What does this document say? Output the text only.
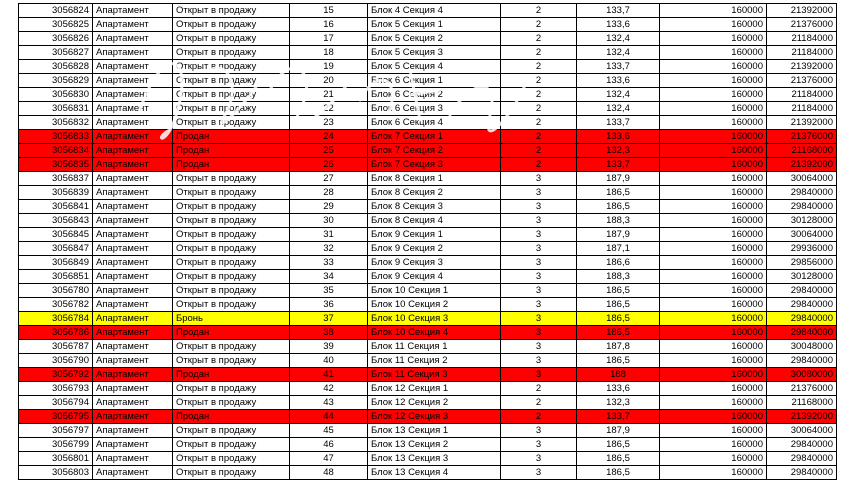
3056824	Апартамент	Открыт в продажу	15	Блок 4 Секция 4	2	133,7	160000	21392000
3056825	Апартамент	Открыт в продажу	16	Блок 5 Секция 1	2	133,6	160000	21376000
3056826	Апартамент	Открыт в продажу	17	Блок 5 Секция 2	2	132,4	160000	21184000
3056827	Апартамент	Открыт в продажу	18	Блок 5 Секция 3	2	132,4	160000	21184000
3056828	Апартамент	Открыт в продажу	19	Блок 5 Секция 4	2	133,7	160000	21392000
3056829	Апартамент	Открыт в продажу	20	Блок 6 Секция 1	2	133,6	160000	21376000
3056830	Апартамент	Открыт в продажу	21	Блок 6 Секция 2	2	132,4	160000	21184000
3056831	Апартамент	Открыт в продажу	22	Блок 6 Секция 3	2	132,4	160000	21184000
3056832	Апартамент	Открыт в продажу	23	Блок 6 Секция 4	2	133,7	160000	21392000
3056833	Апартамент	Продан	24	Блок 7 Секция 1	2	133,6	160000	21376000
3056834	Апартамент	Продан	25	Блок 7 Секция 2	2	132,3	160000	21168000
3056835	Апартамент	Продан	26	Блок 7 Секция 3	2	133,7	160000	21392000
3056837	Апартамент	Открыт в продажу	27	Блок 8 Секция 1	3	187,9	160000	30064000
3056839	Апартамент	Открыт в продажу	28	Блок 8 Секция 2	3	186,5	160000	29840000
3056841	Апартамент	Открыт в продажу	29	Блок 8 Секция 3	3	186,5	160000	29840000
3056843	Апартамент	Открыт в продажу	30	Блок 8 Секция 4	3	188,3	160000	30128000
3056845	Апартамент	Открыт в продажу	31	Блок 9 Секция 1	3	187,9	160000	30064000
3056847	Апартамент	Открыт в продажу	32	Блок 9 Секция 2	3	187,1	160000	29936000
3056849	Апартамент	Открыт в продажу	33	Блок 9 Секция 3	3	186,6	160000	29856000
3056851	Апартамент	Открыт в продажу	34	Блок 9 Секция 4	3	188,3	160000	30128000
3056780	Апартамент	Открыт в продажу	35	Блок 10 Секция 1	3	186,5	160000	29840000
3056782	Апартамент	Открыт в продажу	36	Блок 10 Секция 2	3	186,5	160000	29840000
3056784	Апартамент	Бронь	37	Блок 10 Секция 3	3	186,5	160000	29840000
3056786	Апартамент	Продан	38	Блок 10 Секция 4	3	186,5	160000	29840000
3056787	Апартамент	Открыт в продажу	39	Блок 11 Секция 1	3	187,8	160000	30048000
3056790	Апартамент	Открыт в продажу	40	Блок 11 Секция 2	3	186,5	160000	29840000
3056792	Апартамент	Продан	41	Блок 11 Секция 3	3	188	160000	30080000
3056793	Апартамент	Открыт в продажу	42	Блок 12 Секция 1	2	133,6	160000	21376000
3056794	Апартамент	Открыт в продажу	43	Блок 12 Секция 2	2	132,3	160000	21168000
3056795	Апартамент	Продан	44	Блок 12 Секция 3	2	133,7	160000	21392000
3056797	Апартамент	Открыт в продажу	45	Блок 13 Секция 1	3	187,9	160000	30064000
3056799	Апартамент	Открыт в продажу	46	Блок 13 Секция 2	3	186,5	160000	29840000
3056801	Апартамент	Открыт в продажу	47	Блок 13 Секция 3	3	186,5	160000	29840000
3056803	Апартамент	Открыт в продажу	48	Блок 13 Секция 4	3	186,5	160000	29840000
